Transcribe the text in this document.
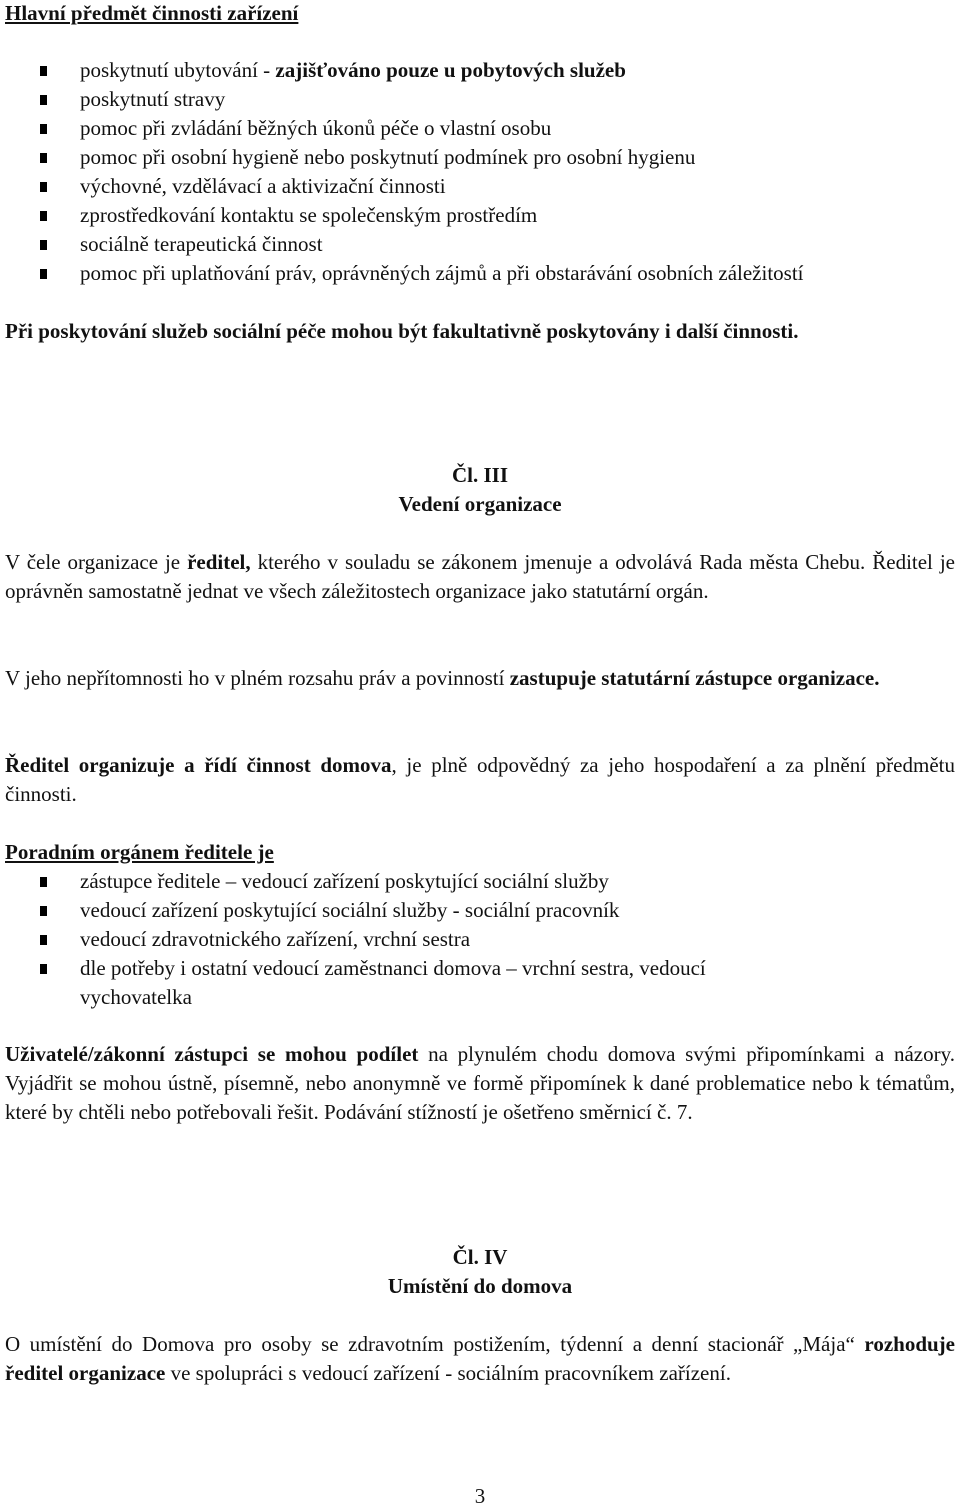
Hlavní předmět činnosti zařízení
poskytnutí ubytování - zajišťováno pouze u pobytových služeb
poskytnutí stravy
pomoc při zvládání běžných úkonů péče o vlastní osobu
pomoc při osobní hygieně nebo poskytnutí podmínek pro osobní hygienu
výchovné, vzdělávací a aktivizační činnosti
zprostředkování kontaktu se společenským prostředím
sociálně terapeutická činnost
pomoc při uplatňování práv, oprávněných zájmů a při obstarávání osobních záležitostí
Při poskytování služeb sociální péče mohou být fakultativně poskytovány i další činnosti.
Čl. III
Vedení organizace
V čele organizace je ředitel, kterého v souladu se zákonem jmenuje a odvolává Rada města Chebu. Ředitel je oprávněn samostatně jednat ve všech záležitostech organizace jako statutární orgán.
V jeho nepřítomnosti ho v plném rozsahu práv a povinností zastupuje statutární zástupce organizace.
Ředitel organizuje a řídí činnost domova, je plně odpovědný za jeho hospodaření a za plnění předmětu činnosti.
Poradním orgánem ředitele je
zástupce ředitele – vedoucí zařízení poskytující sociální služby
vedoucí zařízení poskytující sociální služby - sociální pracovník
vedoucí zdravotnického zařízení, vrchní sestra
dle potřeby i ostatní vedoucí zaměstnanci domova – vrchní sestra, vedoucí
vychovatelka
Uživatelé/zákonní zástupci se mohou podílet na plynulém chodu domova svými připomínkami a názory. Vyjádřit se mohou ústně, písemně, nebo anonymně ve formě připomínek k dané problematice nebo k tématům, které by chtěli nebo potřebovali řešit. Podávání stížností je ošetřeno směrnicí č. 7.
Čl. IV
Umístění do domova
O umístění do Domova pro osoby se zdravotním postižením, týdenní a denní stacionář „Mája“ rozhoduje ředitel organizace ve spolupráci s vedoucí zařízení - sociálním pracovníkem zařízení.
3
